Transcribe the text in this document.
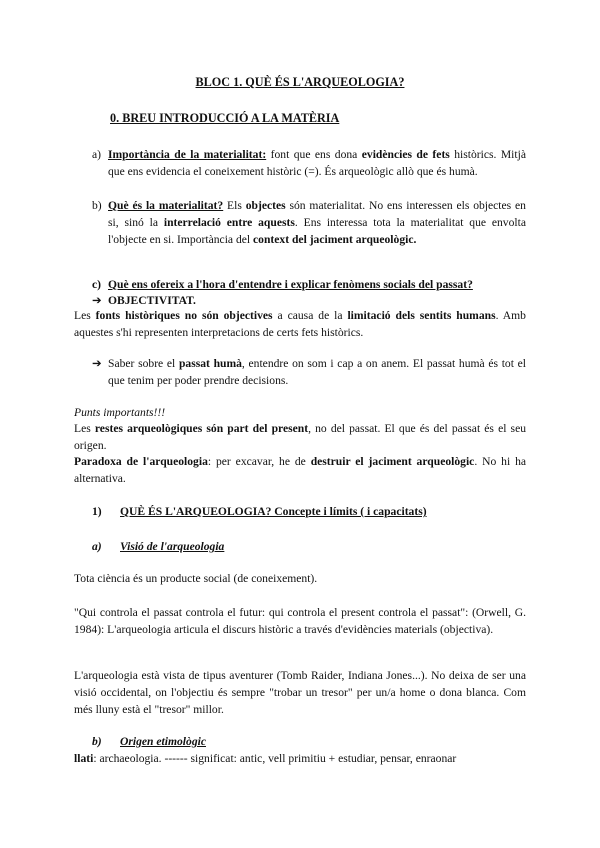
BLOC 1. QUÈ ÉS L'ARQUEOLOGIA?
0. BREU INTRODUCCIÓ A LA MATÈRIA
a) Importància de la materialitat: font que ens dona evidències de fets històrics. Mitjà que ens evidencia el coneixement històric (=). És arqueològic allò que és humà.
b) Què és la materialitat? Els objectes són materialitat. No ens interessen els objectes en si, sinó la interrelació entre aquests. Ens interessa tota la materialitat que envolta l'objecte en si. Importància del context del jaciment arqueològic.
c) Què ens ofereix a l'hora d'entendre i explicar fenòmens socials del passat?
➔ OBJECTIVITAT.

Les fonts històriques no són objectives a causa de la limitació dels sentits humans. Amb aquestes s'hi representen interpretacions de certs fets històrics.

➔ Saber sobre el passat humà, entendre on som i cap a on anem. El passat humà és tot el que tenim per poder prendre decisions.

Punts importants!!!

Les restes arqueològiques són part del present, no del passat. El que és del passat és el seu origen.

Paradoxa de l'arqueologia: per excavar, he de destruir el jaciment arqueològic. No hi ha alternativa.

1) QUÈ ÉS L'ARQUEOLOGIA? Concepte i límits ( i capacitats)
a) Visió de l'arqueologia

Tota ciència és un producte social (de coneixement).

"Qui controla el passat controla el futur: qui controla el present controla el passat": (Orwell, G. 1984): L'arqueologia articula el discurs històric a través d'evidències materials (objectiva).

L'arqueologia està vista de tipus aventurer (Tomb Raider, Indiana Jones...). No deixa de ser una visió occidental, on l'objectiu és sempre "trobar un tresor" per un/a home o dona blanca. Com més lluny està el "tresor" millor.

b) Origen etimològic

llati: archaeologia. ------ significat: antic, vell primitiu + estudiar, pensar, enraonar
